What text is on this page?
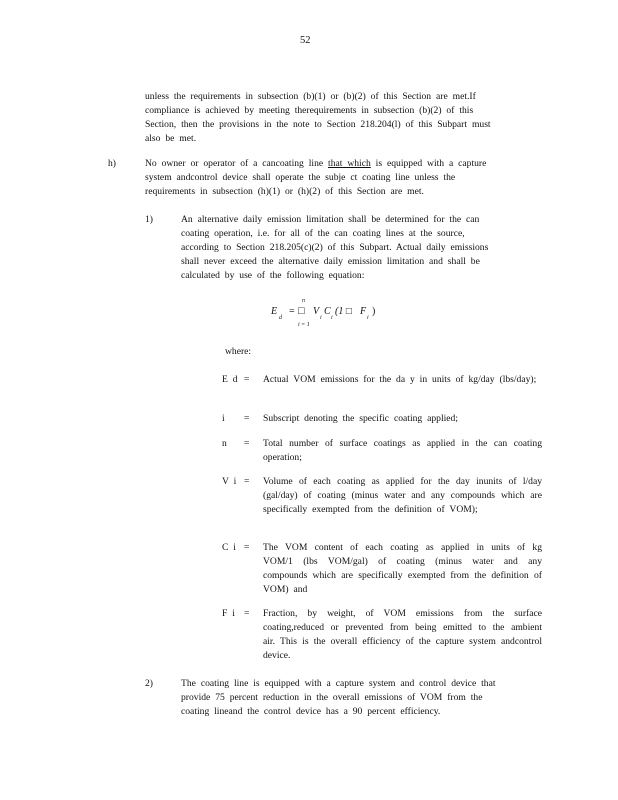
52
unless the requirements in subsection (b)(1) or (b)(2) of this Section are met.If
compliance is achieved by meeting therequirements in subsection (b)(2) of this
Section, then the provisions in the note to Section 218.204(l) of this Subpart must
also be met.
h)	No owner or operator of a cancoating line that which is equipped with a capture
system andcontrol device shall operate the subje ct coating line unless the
requirements in subsection (h)(1) or (h)(2) of this Section are met.
1)	An alternative daily emission limitation shall be determined for the can
coating operation, i.e. for all of the can coating lines at the source,
according to Section 218.205(c)(2) of this Subpart. Actual daily emissions
shall never exceed the alternative daily emission limitation and shall be
calculated by use of the following equation:
E
d
=
n
□
i = 1
V
i
C
i
(1 □ F
i
)
where:
E d = Actual VOM emissions for the da y in units of kg/day (lbs/day);
i = Subscript denoting the specific coating applied;
n = Total number of surface coatings as applied in the can coating operation;
V i = Volume of each coating as applied for the day inunits of l/day (gal/day) of coating (minus water and any compounds which are specifically exempted from the definition of VOM);
C i = The VOM content of each coating as applied in units of kg VOM/1 (lbs VOM/gal) of coating (minus water and any compounds which are specifically exempted from the definition of VOM) and
F i = Fraction, by weight, of VOM emissions from the surface coating,reduced or prevented from being emitted to the ambient air. This is the overall efficiency of the capture system andcontrol device.
2)	The coating line is equipped with a capture system and control device that
provide 75 percent reduction in the overall emissions of VOM from the
coating lineand the control device has a 90 percent efficiency.
